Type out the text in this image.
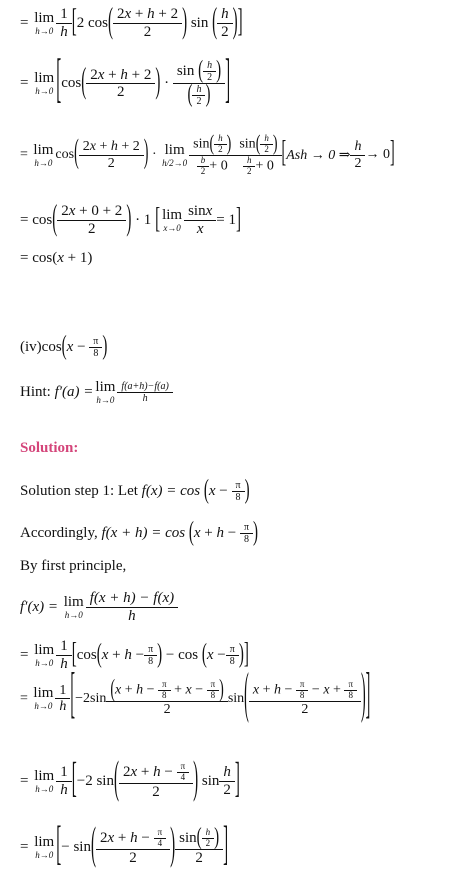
= lim
h→0
1
h [ 2 cos ( 2x + h + 2
2	) sin ( h
2 ) ]
= lim
h→0 [ cos ( 2x + h + 2
2	) ·
sin ( $\frac{h}{2}$ )
( $\frac{h}{2}$ ) ]
= lim
h→0
cos ( 2x + h + 2
2	) · lim
h/2→0
$\sin( \frac{h}{2}$ )
$\frac{b}{2} + 0$
$\sin( \frac{h}{2}$ )
$\frac{h}{2} + 0$ [ Ash → 0 ⇒
h
2
→ 0 ]
= cos ( 2x + 0 + 2
2	) · 1 [ lim
$x\to 0 \frac{\sin x}{x} = 1$ ]
= cos(x + 1)
(iv)cos ( $x - \frac{\pi}{8}$ )
Hint:
f′(a) = lim
h→0
f(a+h)−f(a)
h
Solution:
Solution step 1: Let
f(x) = cos
( $x - \frac{\pi}{8}$ )
Accordingly,
f(x + h) = cos
( $x + h - \frac{\pi}{8}$ )
By first principle,
f′(x) =
lim
h→0
f(x + h) − f(x)
h
= lim
h→0
1
h [ cos ( x + h − π
8 ) − cos ( x − π
8 ) ]
= lim
h→0
1
h [ −2sin ($x + h - \frac{\pi}{8} + x - \frac{\pi}{8}$ )
2
sin ( $x + h - \frac{\pi}{8} - x + \frac{\pi}{8}$
2	) ]
= lim
h→0
1
h [ −2 sin ( $2x + h - \frac{\pi}{4}$
2	) sin
h
2 ]
= lim
h→0 [ − sin ( $2x + h - \frac{\pi}{4}$
2	) $\sin( \frac{h}{2}$ )
2	]
